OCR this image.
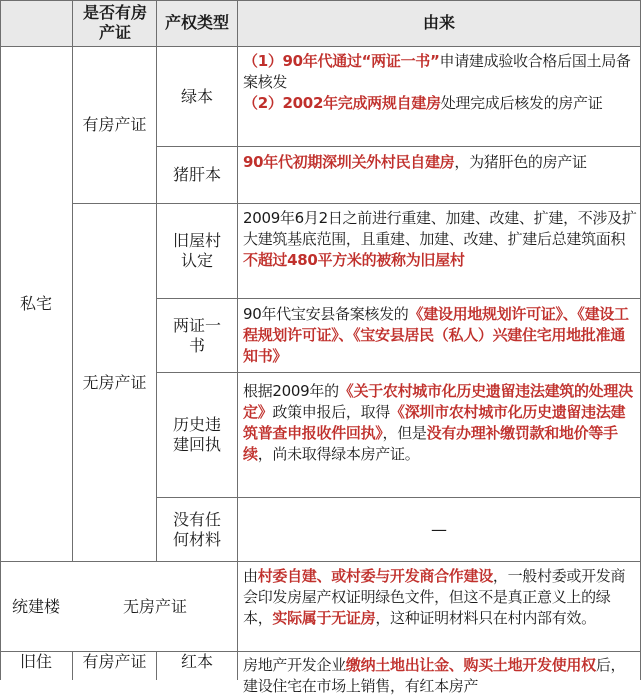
是否有房产证
产权类型	由来
私宅
统建楼
旧住
有房产证
无房产证
无房产证
有房产证
绿本
猪肝本
旧屋村认定
两证一书
历史违建回执
没有任何材料
红本
（1）90年代通过“两证一书”申请建成验收合格后国土局备案核发
（2）2002年完成两规自建房处理完成后核发的房产证
90年代初期深圳关外村民自建房，为猪肝色的房产证
2009年6月2日之前进行重建、加建、改建、扩建，不涉及扩大建筑基底范围，且重建、加建、改建、扩建后总建筑面积不超过480平方米的被称为旧屋村
90年代宝安县备案核发的《建设用地规划许可证》、《建设工程规划许可证》、《宝安县居民（私人）兴建住宅用地批准通知书》
根据2009年的《关于农村城市化历史遗留违法建筑的处理决定》政策申报后，取得《深圳市农村城市化历史遗留违法建筑普查申报收件回执》，但是没有办理补缴罚款和地价等手续，尚未取得绿本房产证。
—
由村委自建、或村委与开发商合作建设，一般村委或开发商会印发房屋产权证明绿色文件，但这不是真正意义上的绿本，实际属于无证房，这种证明材料只在村内部有效。
房地产开发企业缴纳土地出让金、购买土地开发使用权后，建设住宅在市场上销售，有红本房产
